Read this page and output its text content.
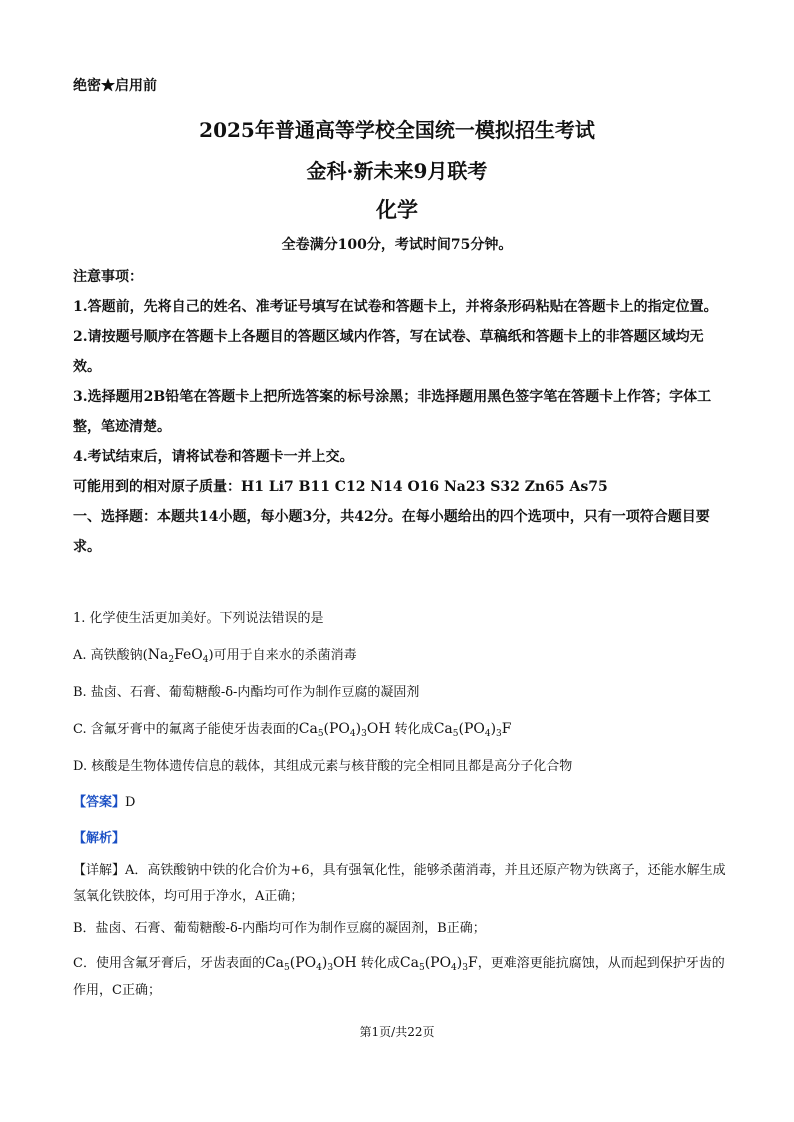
绝密★启用前
2025年普通高等学校全国统一模拟招生考试
金科·新未来9月联考
化学
全卷满分100分，考试时间75分钟。

注意事项：

1.答题前，先将自己的姓名、准考证号填写在试卷和答题卡上，并将条形码粘贴在答题卡上的指定位置。

2.请按题号顺序在答题卡上各题目的答题区域内作答，写在试卷、草稿纸和答题卡上的非答题区域均无效。

3.选择题用2B铅笔在答题卡上把所选答案的标号涂黑；非选择题用黑色签字笔在答题卡上作答；字体工整，笔迹清楚。

4.考试结束后，请将试卷和答题卡一并上交。

可能用到的相对原子质量：H1 Li7 B11 C12 N14 O16 Na23 S32 Zn65 As75

一、选择题：本题共14小题，每小题3分，共42分。在每小题给出的四个选项中，只有一项符合题目要求。

1. 化学使生活更加美好。下列说法错误的是

A. 高铁酸钠$(Na_2FeO_4)$可用于自来水的杀菌消毒

B. 盐卤、石膏、葡萄糖酸-δ-内酯均可作为制作豆腐的凝固剂

C. 含氟牙膏中的氟离子能使牙齿表面的$Ca_5(PO_4)_3OH$ 转化成$Ca_5(PO_4)_3F$

D. 核酸是生物体遗传信息的载体，其组成元素与核苷酸的完全相同且都是高分子化合物

【答案】D

【解析】

【详解】A．高铁酸钠中铁的化合价为+6，具有强氧化性，能够杀菌消毒，并且还原产物为铁离子，还能水解生成氢氧化铁胶体，均可用于净水，A正确；

B．盐卤、石膏、葡萄糖酸-δ-内酯均可作为制作豆腐的凝固剂，B正确；

C．使用含氟牙膏后，牙齿表面的$Ca_5(PO_4)_3OH$ 转化成$Ca_5(PO_4)_3F$，更难溶更能抗腐蚀，从而起到保护牙齿的作用，C正确；

第1页/共22页
